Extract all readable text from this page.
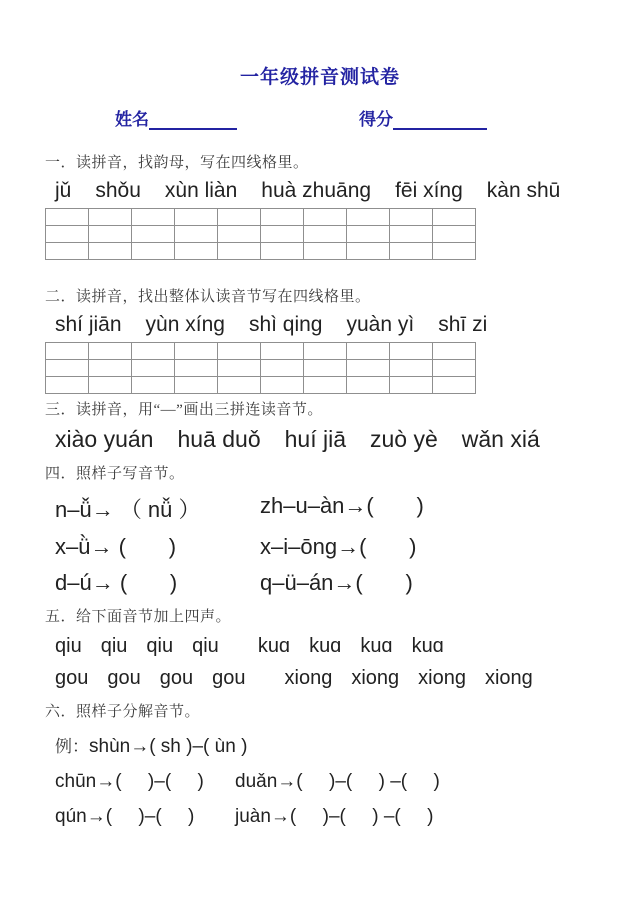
一年级拼音测试卷
姓名	得分
一．读拼音，找韵母，写在四线格里。
jǔ shǒu xùn liàn huà zhuāng fēi xíng kàn shū

二．读拼音，找出整体认读音节写在四线格里。
shí jiān yùn xíng shì qing yuàn yì shī zi

三．读拼音，用“—”画出三拼连读音节。
xiào yuán huā duǒ huí jiā zuò yè wǎn xiá
四．照样子写音节。
n–ǚ→ （ nǚ ）	zh–u–àn→(       )
x–ǜ→ (       )	x–i–ōng→(       )
d–ú→ (       )	q–ü–án→(       )
五．给下面音节加上四声。
qiu qiu qiu qiu kuɑ kuɑ kuɑ kuɑ
gou gou gou gou xiong xiong xiong xiong
六．照样子分解音节。
例： shùn→( sh )–( ùn )
chūn→(     )–(     )	duǎn→(     )–(     ) –(     )
qún→(     )–(     )	juàn→(     )–(     ) –(     )
